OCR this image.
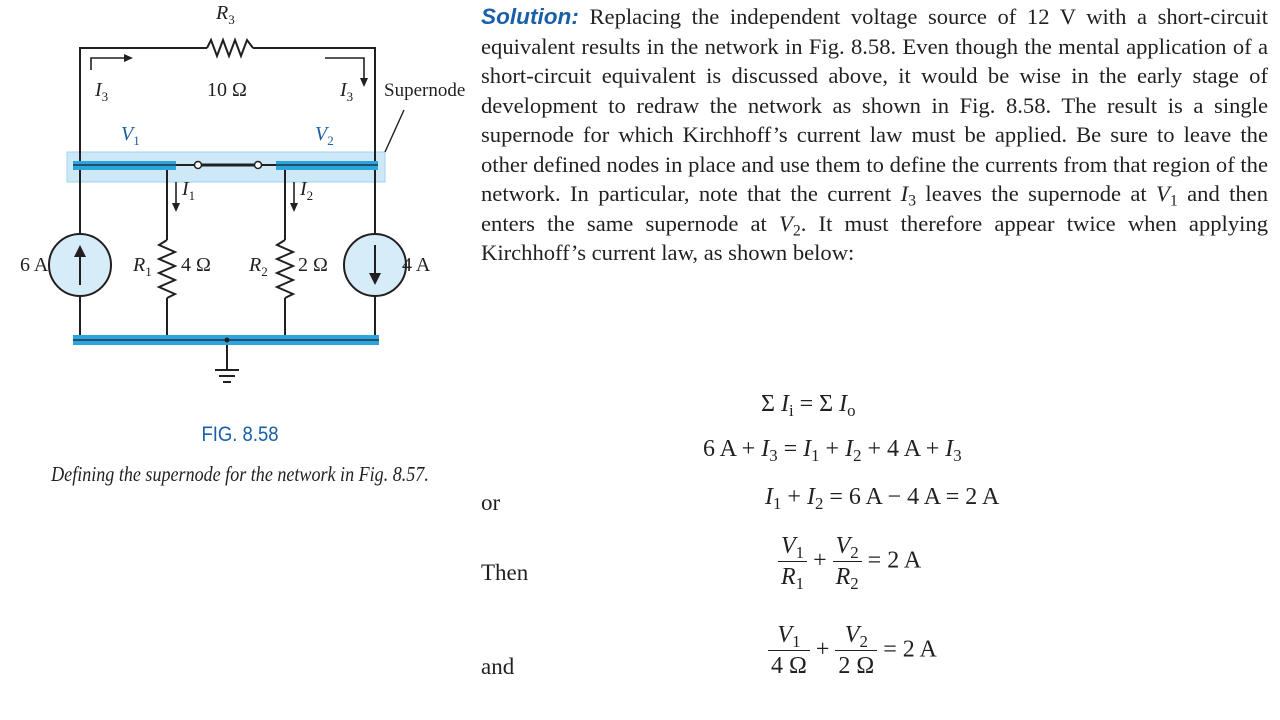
$R_3$
10 Ω
$I_3$	$I_3$ Supernode
$V_1$	$V_2$
$I_1$	$I_2$
6 A	4 A
$R_1$ 4 Ω $R_2$ 2 Ω
FIG. 8.58
Defining the supernode for the network in Fig. 8.57.
Solution: Replacing the independent voltage source of 12 V with a short-circuit equivalent results in the network in Fig. 8.58. Even though the mental application of a short-circuit equivalent is discussed above, it would be wise in the early stage of development to redraw the network as shown in Fig. 8.58. The result is a single supernode for which Kirchhoff’s current law must be applied. Be sure to leave the other defined nodes in place and use them to define the currents from that region of the network. In particular, note that the current $I_3$ leaves the supernode at $V_1$ and then enters the same supernode at $V_2$. It must therefore appear twice when applying Kirchhoff’s current law, as shown below:
Σ $I_i = \Sigma$ $I_o$
6 $A + I_3 = I_1 + I_2 + 4$ $A + I_3$
or	$I_1 + I_2 = 6$ A − 4 A = 2 A
Then	$\frac{V_1}{R_1} + \frac{V_2}{R_2} = 2$ A
and	$\frac{V_1}{4 \Omega} + \frac{V_2}{2 \Omega} = 2$ A
